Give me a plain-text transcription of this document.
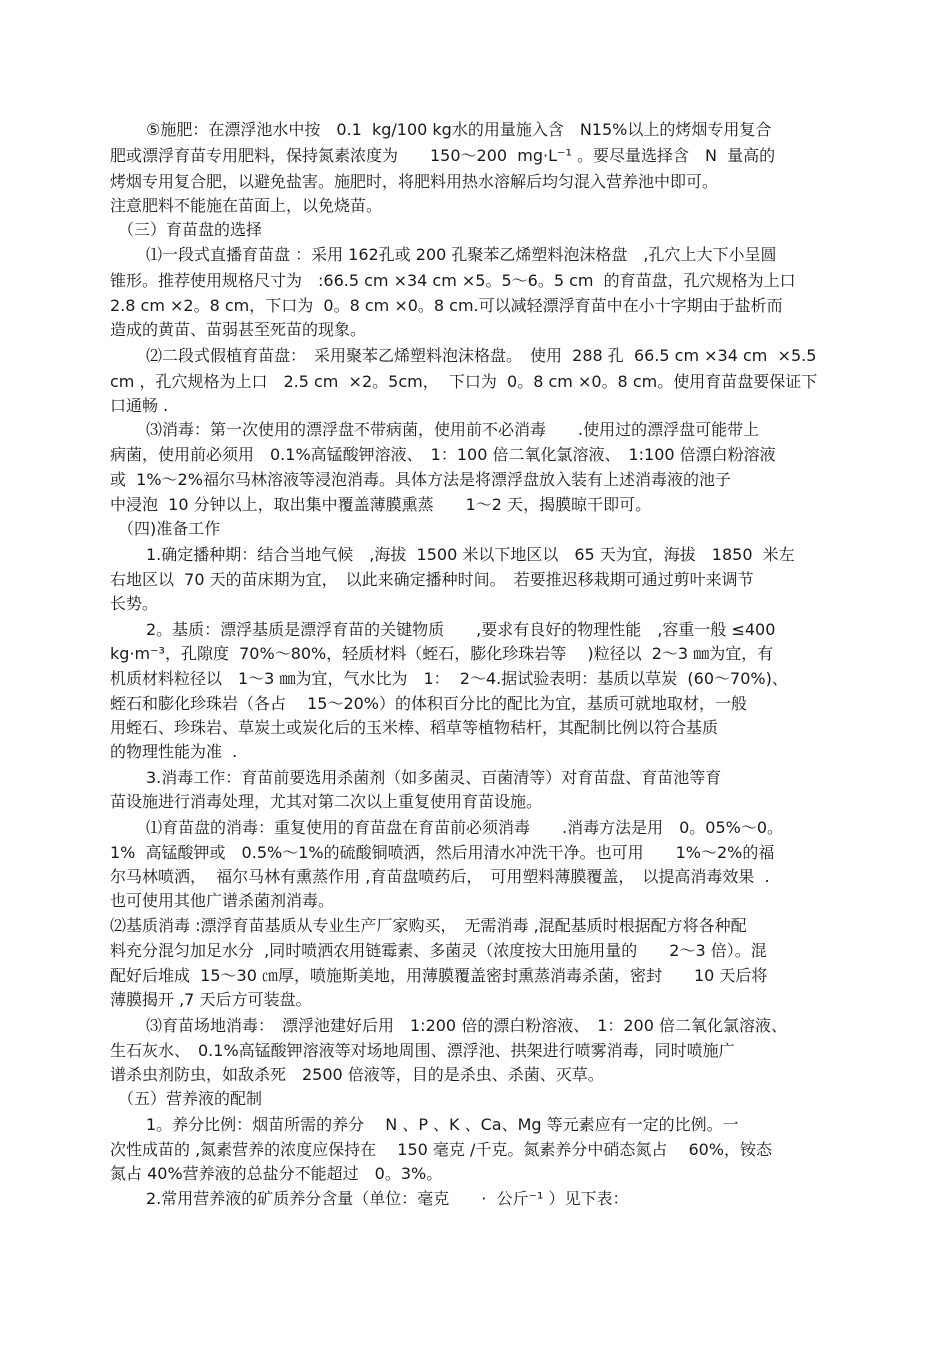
⑤施肥：在漂浮池水中按　0.1  kg/100 kg水的用量施入含　N15%以上的烤烟专用复合
肥或漂浮育苗专用肥料，保持氮素浓度为　　150～200  mg·L⁻¹ 。要尽量选择含　N  量高的
烤烟专用复合肥，以避免盐害。施肥时，将肥料用热水溶解后均匀混入营养池中即可。
注意肥料不能施在苗面上，以免烧苗。
（三）育苗盘的选择
⑴一段式直播育苗盘 ：采用 162孔或 200 孔聚苯乙烯塑料泡沫格盘　,孔穴上大下小呈圆
锥形。推荐使用规格尺寸为　:66.5 cm ×34 cm ×5。5～6。5 cm  的育苗盘，孔穴规格为上口
2.8 cm ×2。8 cm，下口为  0。8 cm ×0。8 cm.可以减轻漂浮育苗中在小十字期由于盐析而
造成的黄苗、苗弱甚至死苗的现象。
⑵二段式假植育苗盘：　采用聚苯乙烯塑料泡沫格盘。　使用  288 孔  66.5 cm ×34 cm  ×5.5
cm ，孔穴规格为上口　2.5 cm  ×2。5cm，  下口为  0。8 cm ×0。8 cm。使用育苗盘要保证下
口通畅 .
⑶消毒：第一次使用的漂浮盘不带病菌，使用前不必消毒　　.使用过的漂浮盘可能带上
病菌，使用前必须用　0.1%高锰酸钾溶液、　1：100 倍二氧化氯溶液、　1:100 倍漂白粉溶液
或  1%～2%福尔马林溶液等浸泡消毒。具体方法是将漂浮盘放入装有上述消毒液的池子
中浸泡  10 分钟以上，取出集中覆盖薄膜熏蒸　　1～2 天，揭膜晾干即可。
（四)准备工作
1.确定播种期：结合当地气候　,海拔  1500 米以下地区以　65 天为宜，海拔　1850  米左
右地区以  70 天的苗床期为宜，　以此来确定播种时间。　若要推迟移栽期可通过剪叶来调节
长势。
2。基质：漂浮基质是漂浮育苗的关键物质　　,要求有良好的物理性能　,容重一般 ≤400
kg·m⁻³，孔隙度  70%～80%，轻质材料（蛭石，膨化珍珠岩等　 )粒径以  2～3 ㎜为宜，有
机质材料粒径以　1～3 ㎜为宜，气水比为　1：  2～4.据试验表明：基质以草炭  (60～70%)、
蛭石和膨化珍珠岩（各占　 15～20%）的体积百分比的配比为宜，基质可就地取材，一般
用蛭石、珍珠岩、草炭土或炭化后的玉米棒、稻草等植物秸杆，其配制比例以符合基质
的物理性能为准  .
3.消毒工作：育苗前要选用杀菌剂（如多菌灵、百菌清等）对育苗盘、育苗池等育
苗设施进行消毒处理，尤其对第二次以上重复使用育苗设施。
⑴育苗盘的消毒：重复使用的育苗盘在育苗前必须消毒　　.消毒方法是用　0。05%～0。
1%  高锰酸钾或　0.5%～1%的硫酸铜喷洒，然后用清水冲洗干净。也可用　　1%～2%的福
尔马林喷洒，  福尔马林有熏蒸作用 ,育苗盘喷药后，　可用塑料薄膜覆盖，　以提高消毒效果  .
也可使用其他广谱杀菌剂消毒。
⑵基质消毒 :漂浮育苗基质从专业生产厂家购买，　无需消毒 ,混配基质时根据配方将各种配
料充分混匀加足水分  ,同时喷洒农用链霉素、多菌灵（浓度按大田施用量的　　2～3 倍）。混
配好后堆成  15～30 ㎝厚，喷施斯美地，用薄膜覆盖密封熏蒸消毒杀菌，密封　　10 天后将
薄膜揭开 ,7 天后方可装盘。
⑶育苗场地消毒：　漂浮池建好后用　1:200 倍的漂白粉溶液、　1：200 倍二氧化氯溶液、
生石灰水、　0.1%高锰酸钾溶液等对场地周围、漂浮池、拱架进行喷雾消毒，同时喷施广
谱杀虫剂防虫，如敌杀死　2500 倍液等，目的是杀虫、杀菌、灭草。
（五）营养液的配制
1。养分比例：烟苗所需的养分　 N 、P 、K 、Ca、Mg 等元素应有一定的比例。一
次性成苗的 ,氮素营养的浓度应保持在　 150 毫克 /千克。氮素养分中硝态氮占　 60%，铵态
氮占 40%营养液的总盐分不能超过　0。3%。
2.常用营养液的矿质养分含量（单位：毫克　　·  公斤⁻¹ ）见下表：
